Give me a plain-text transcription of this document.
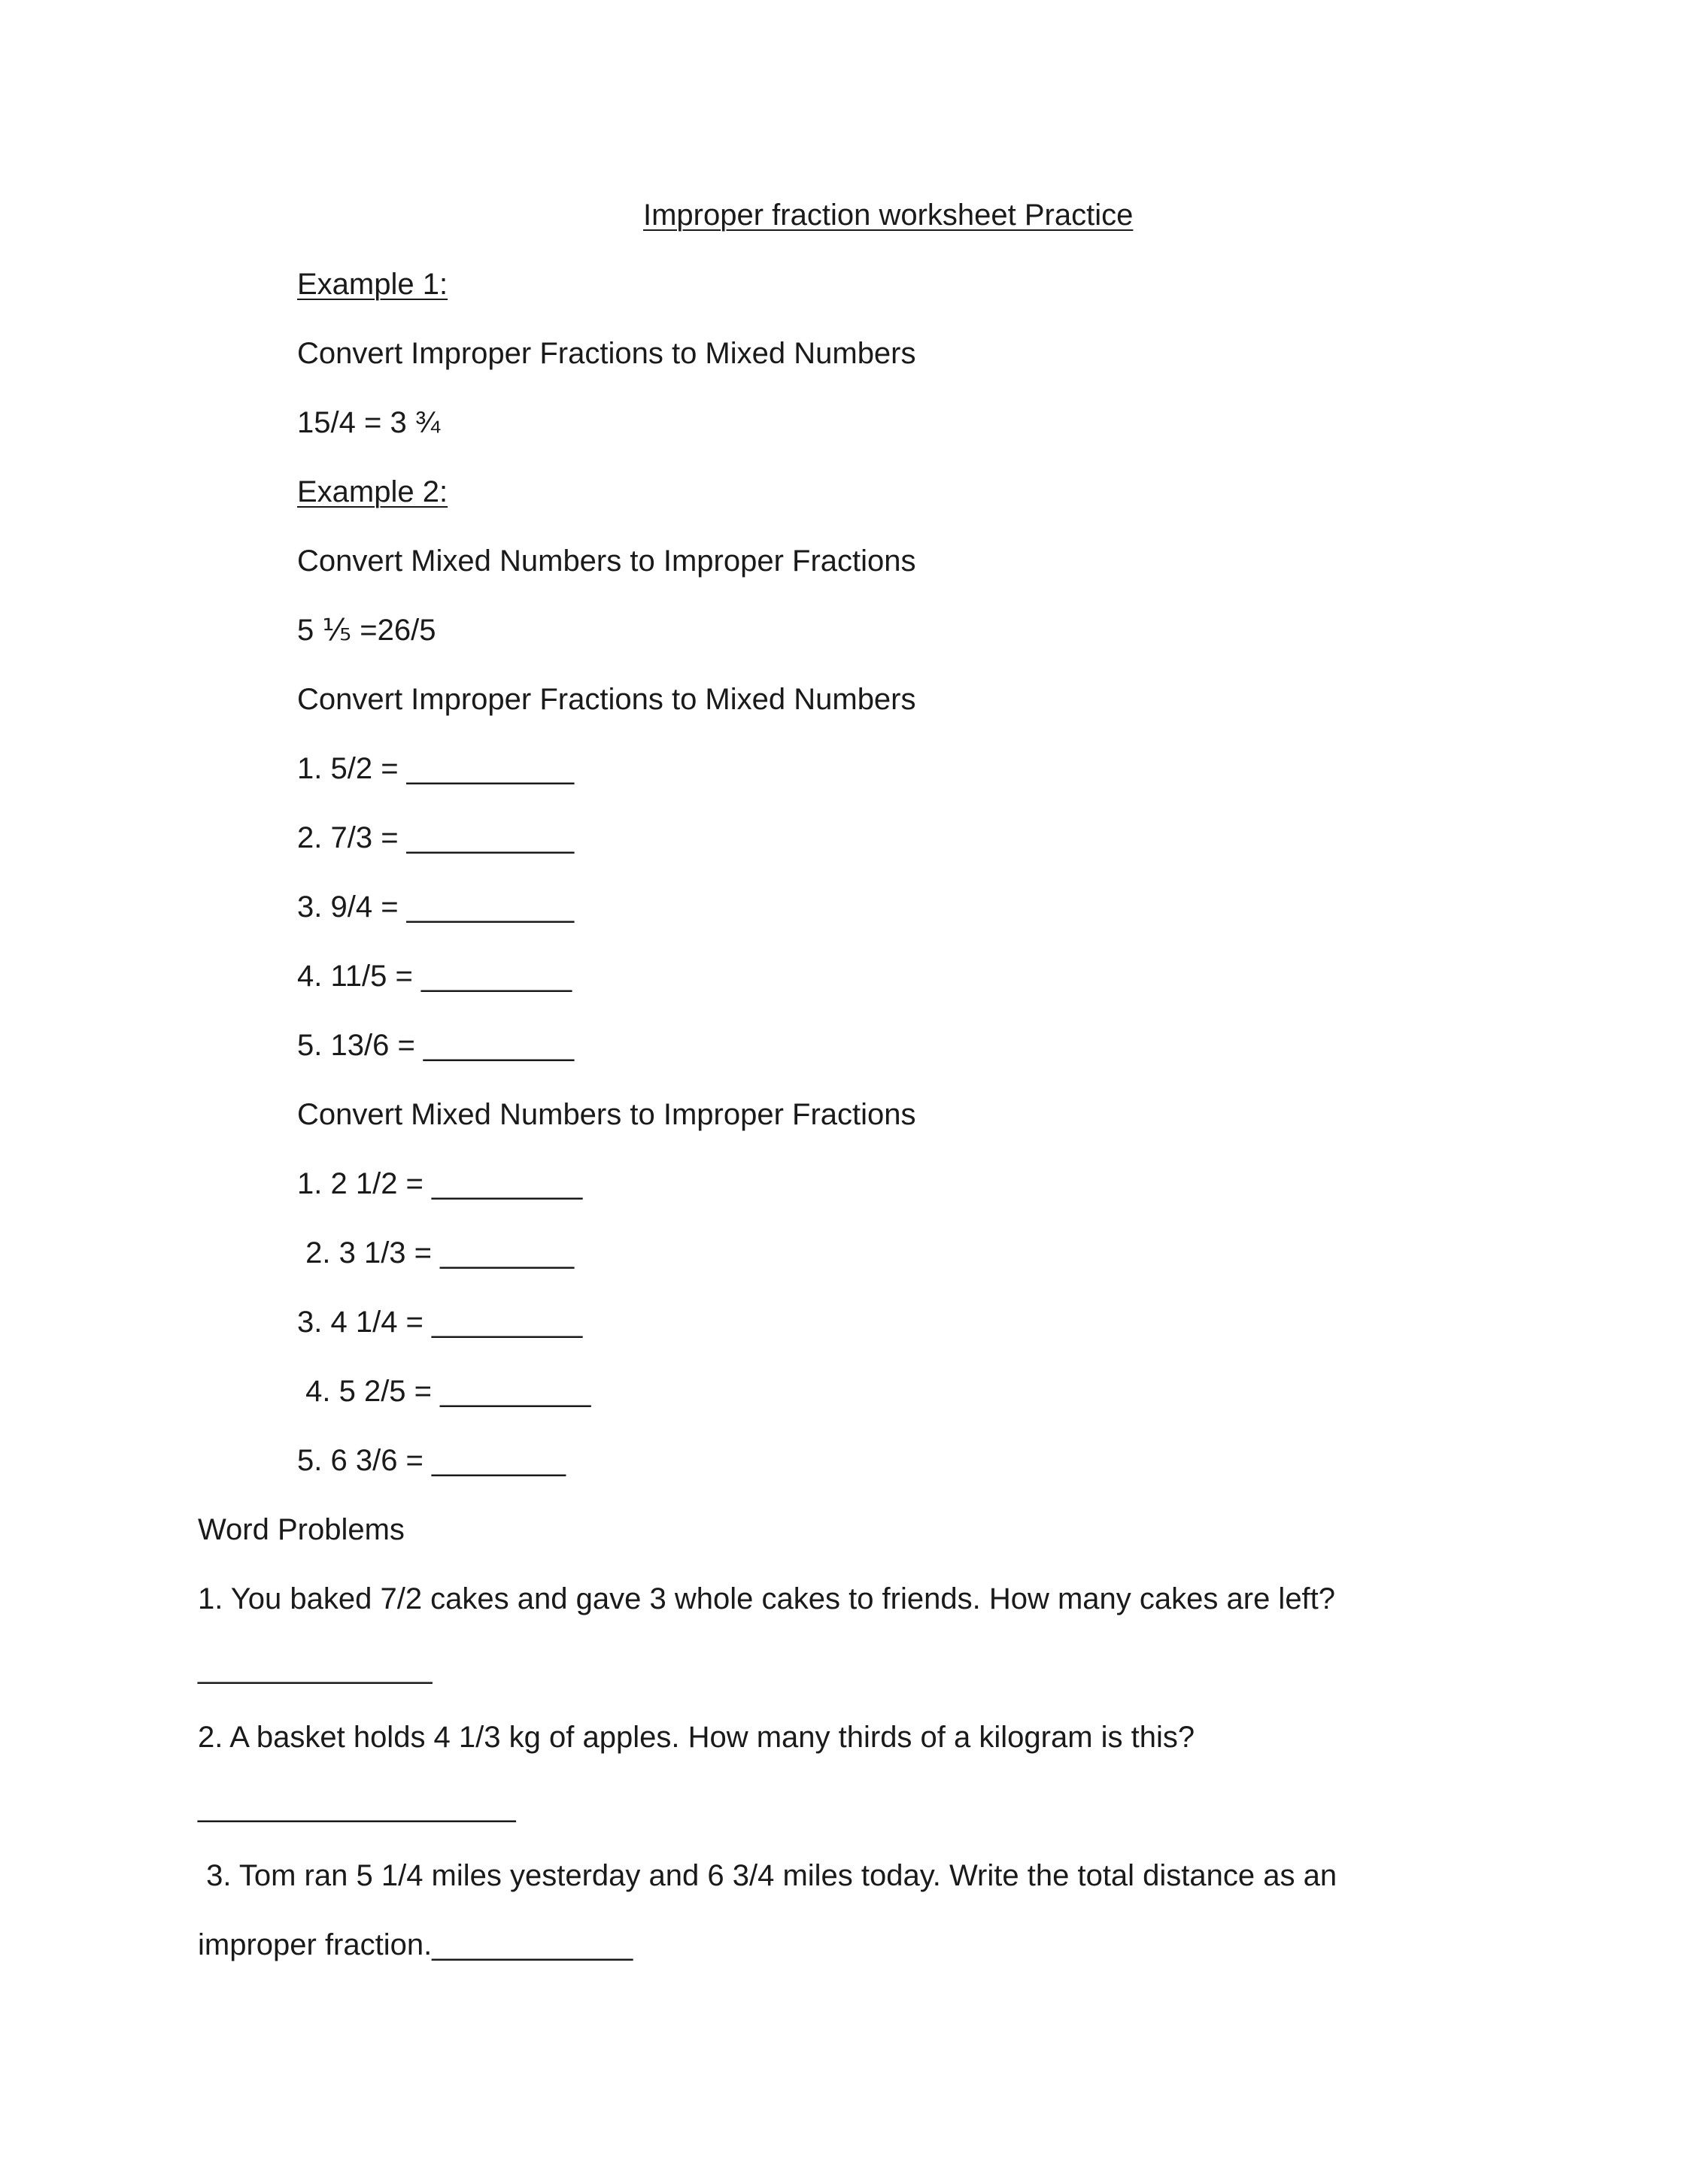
Improper fraction worksheet Practice

Example 1:

Convert Improper Fractions to Mixed Numbers

15/4 = 3 ¾

Example 2:

Convert Mixed Numbers to Improper Fractions

5 ⅕ =26/5

Convert Improper Fractions to Mixed Numbers

1. 5/2 = __________

2. 7/3 = __________

3. 9/4 = __________

4. 11/5 = _________

5. 13/6 = _________

Convert Mixed Numbers to Improper Fractions

1. 2 1/2 = _________

2. 3 1/3 = ________

3. 4 1/4 = _________

4. 5 2/5 = _________

5. 6 3/6 = ________

Word Problems

1. You baked 7/2 cakes and gave 3 whole cakes to friends. How many cakes are left?

______________

2. A basket holds 4 1/3 kg of apples. How many thirds of a kilogram is this?

___________________

3. Tom ran 5 1/4 miles yesterday and 6 3/4 miles today. Write the total distance as an

improper fraction.____________
